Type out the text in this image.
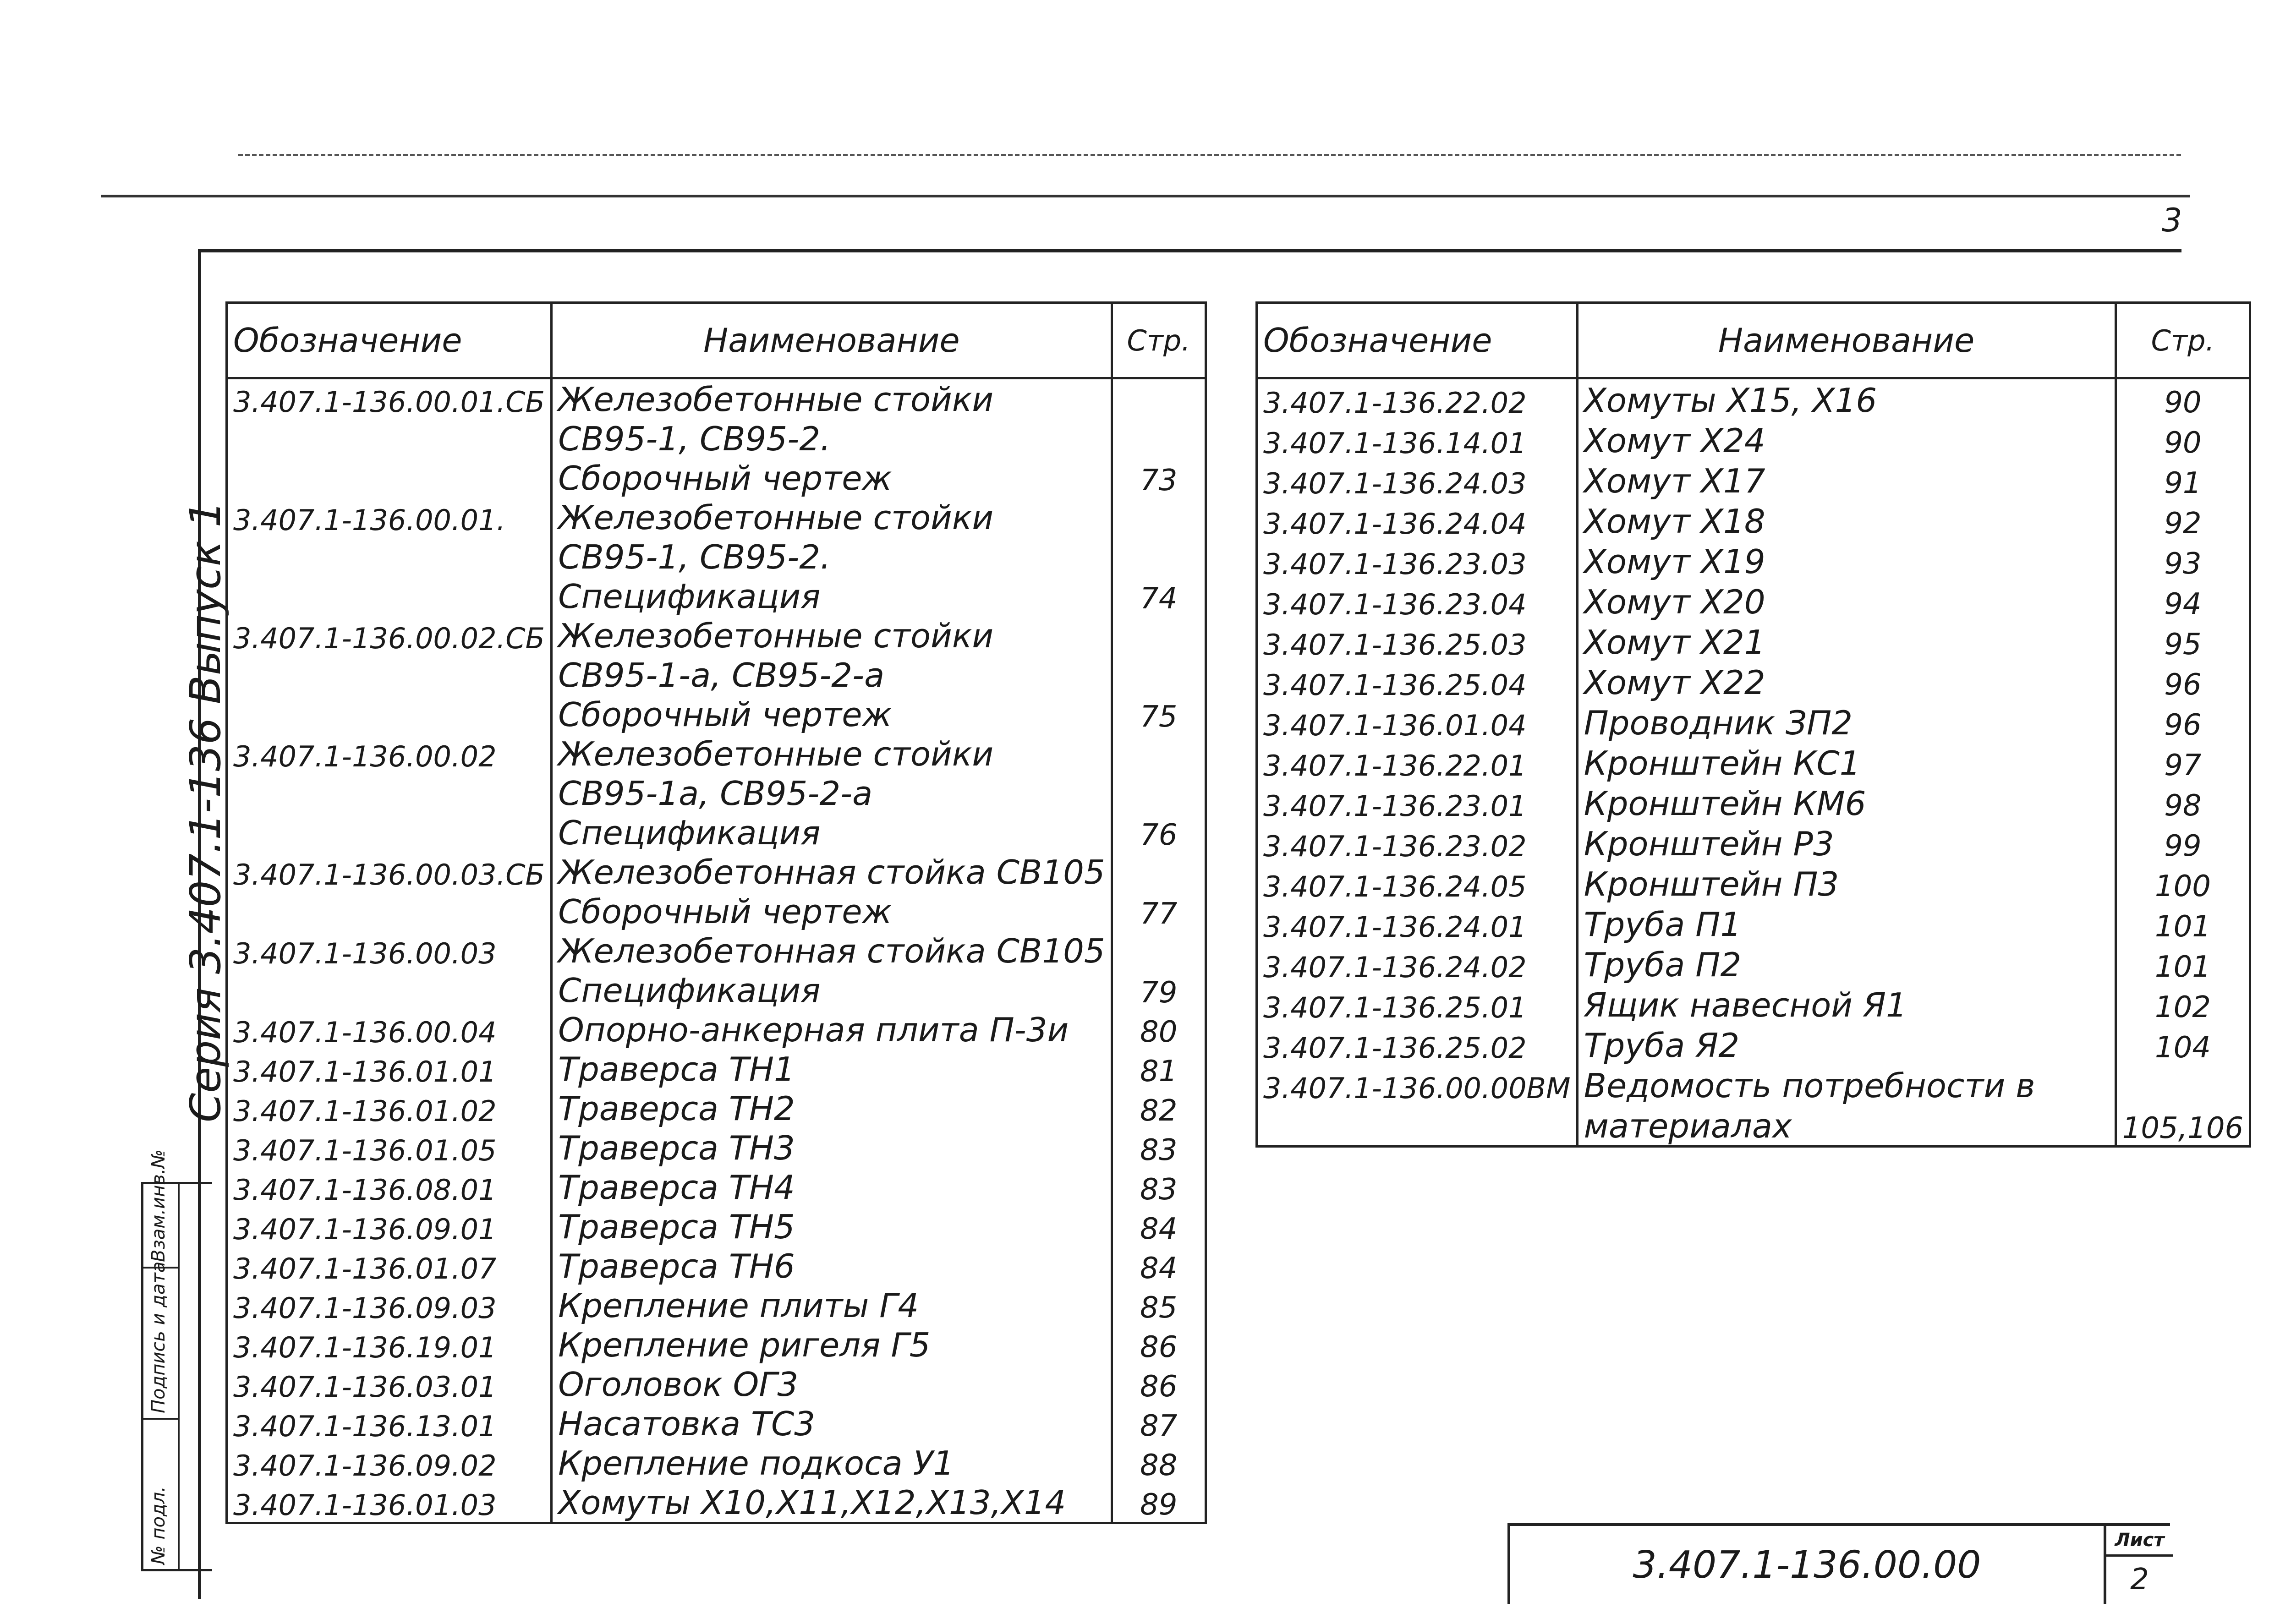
3
Серия 3.407.1-136 Выпуск 1
Взам.инв.№
Подпись и дата
№ подл.
Обозначение	Наименование	Стр.
3.407.1-136.00.01.СБ	Железобетонные стойки	
	СВ95-1, СВ95-2.	
	Сборочный чертеж	73
3.407.1-136.00.01.	Железобетонные стойки	
	СВ95-1, СВ95-2.	
	Спецификация	74
3.407.1-136.00.02.СБ	Железобетонные стойки	
	СВ95-1-а, СВ95-2-а	
	Сборочный чертеж	75
3.407.1-136.00.02	Железобетонные стойки	
	СВ95-1а, СВ95-2-а	
	Спецификация	76
3.407.1-136.00.03.СБ	Железобетонная стойка СВ105	
	Сборочный чертеж	77
3.407.1-136.00.03	Железобетонная стойка СВ105	
	Спецификация	79
3.407.1-136.00.04	Опорно-анкерная плита П-3и	80
3.407.1-136.01.01	Траверса ТН1	81
3.407.1-136.01.02	Траверса ТН2	82
3.407.1-136.01.05	Траверса ТН3	83
3.407.1-136.08.01	Траверса ТН4	83
3.407.1-136.09.01	Траверса ТН5	84
3.407.1-136.01.07	Траверса ТН6	84
3.407.1-136.09.03	Крепление плиты Г4	85
3.407.1-136.19.01	Крепление ригеля Г5	86
3.407.1-136.03.01	Оголовок ОГ3	86
3.407.1-136.13.01	Насатовка ТС3	87
3.407.1-136.09.02	Крепление подкоса У1	88
3.407.1-136.01.03	Хомуты Х10,Х11,Х12,Х13,Х14	89
Обозначение	Наименование	Стр.
3.407.1-136.22.02	Хомуты Х15, Х16	90
3.407.1-136.14.01	Хомут Х24	90
3.407.1-136.24.03	Хомут Х17	91
3.407.1-136.24.04	Хомут Х18	92
3.407.1-136.23.03	Хомут Х19	93
3.407.1-136.23.04	Хомут Х20	94
3.407.1-136.25.03	Хомут Х21	95
3.407.1-136.25.04	Хомут Х22	96
3.407.1-136.01.04	Проводник ЗП2	96
3.407.1-136.22.01	Кронштейн КС1	97
3.407.1-136.23.01	Кронштейн КМ6	98
3.407.1-136.23.02	Кронштейн Р3	99
3.407.1-136.24.05	Кронштейн П3	100
3.407.1-136.24.01	Труба П1	101
3.407.1-136.24.02	Труба П2	101
3.407.1-136.25.01	Ящик навесной Я1	102
3.407.1-136.25.02	Труба Я2	104
3.407.1-136.00.00ВМ	Ведомость потребности в	
	материалах	105,106
3.407.1-136.00.00
Лист
2
